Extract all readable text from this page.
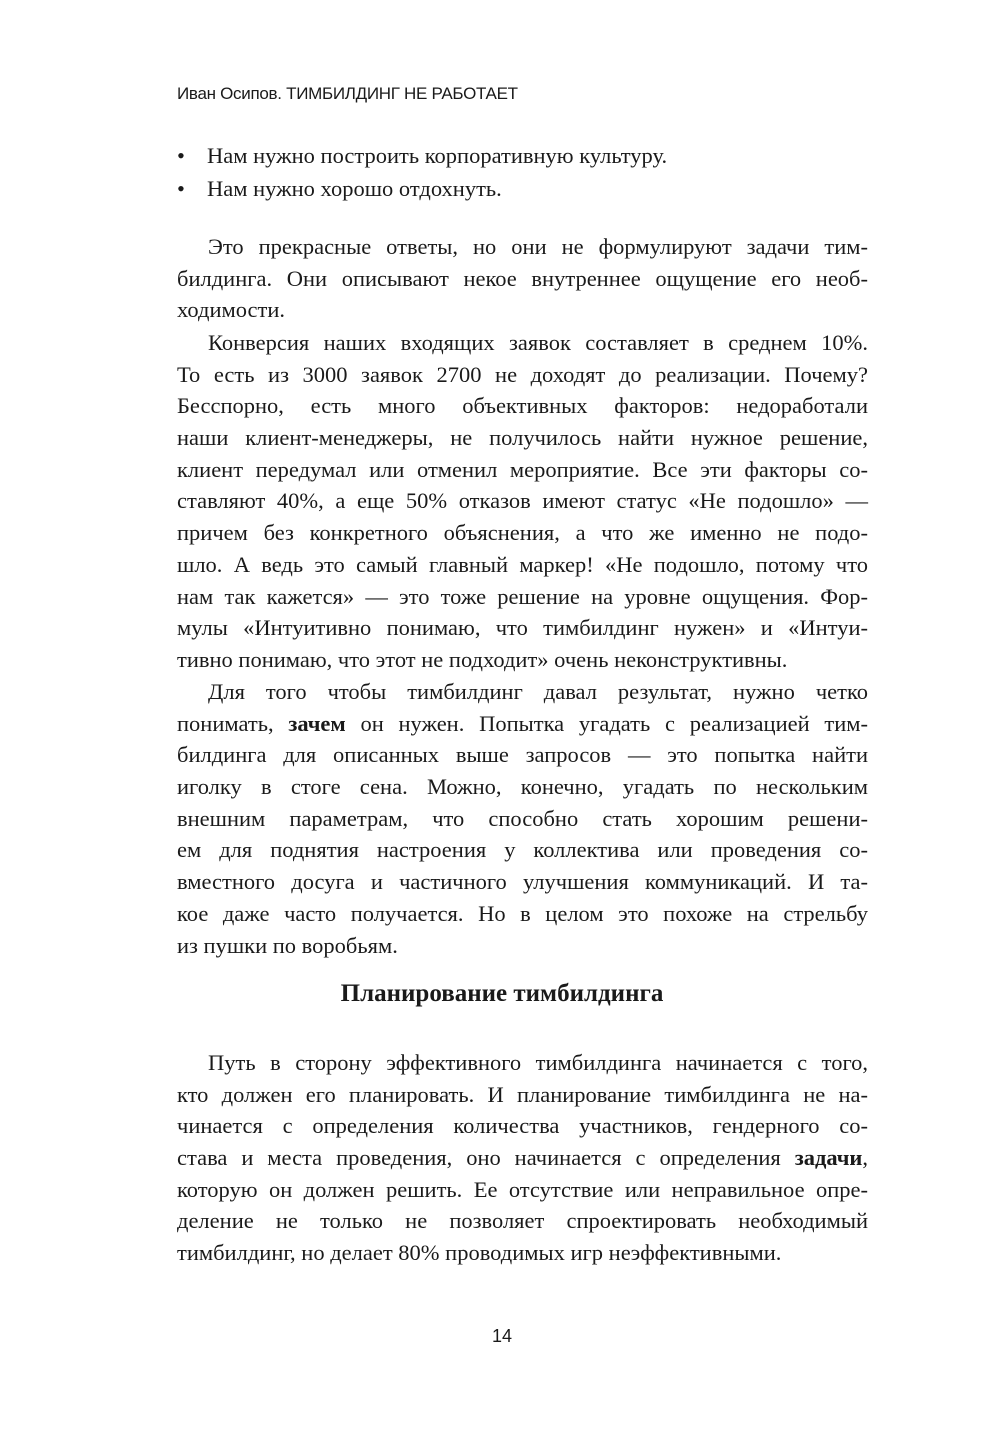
Иван Осипов. ТИМБИЛДИНГ НЕ РАБОТАЕТ
• Нам нужно построить корпоративную культуру.
• Нам нужно хорошо отдохнуть.
Это прекрасные ответы, но они не формулируют задачи тим-
билдинга. Они описывают некое внутреннее ощущение его необ-
ходимости.
Конверсия наших входящих заявок составляет в среднем 10%.
То есть из 3000 заявок 2700 не доходят до реализации. Почему?
Бесспорно, есть много объективных факторов: недоработали
наши клиент-менеджеры, не получилось найти нужное решение,
клиент передумал или отменил мероприятие. Все эти факторы со-
ставляют 40%, а еще 50% отказов имеют статус «Не подошло» —
причем без конкретного объяснения, а что же именно не подо-
шло. А ведь это самый главный маркер! «Не подошло, потому что
нам так кажется» — это тоже решение на уровне ощущения. Фор-
мулы «Интуитивно понимаю, что тимбилдинг нужен» и «Интуи-
тивно понимаю, что этот не подходит» очень неконструктивны.
Для того чтобы тимбилдинг давал результат, нужно четко
понимать, зачем он нужен. Попытка угадать с реализацией тим-
билдинга для описанных выше запросов — это попытка найти
иголку в стоге сена. Можно, конечно, угадать по нескольким
внешним параметрам, что способно стать хорошим решени-
ем для поднятия настроения у коллектива или проведения со-
вместного досуга и частичного улучшения коммуникаций. И та-
кое даже часто получается. Но в целом это похоже на стрельбу
из пушки по воробьям.
Планирование тимбилдинга
Путь в сторону эффективного тимбилдинга начинается с того,
кто должен его планировать. И планирование тимбилдинга не на-
чинается с определения количества участников, гендерного со-
става и места проведения, оно начинается с определения задачи,
которую он должен решить. Ее отсутствие или неправильное опре-
деление не только не позволяет спроектировать необходимый
тимбилдинг, но делает 80% проводимых игр неэффективными.
14
